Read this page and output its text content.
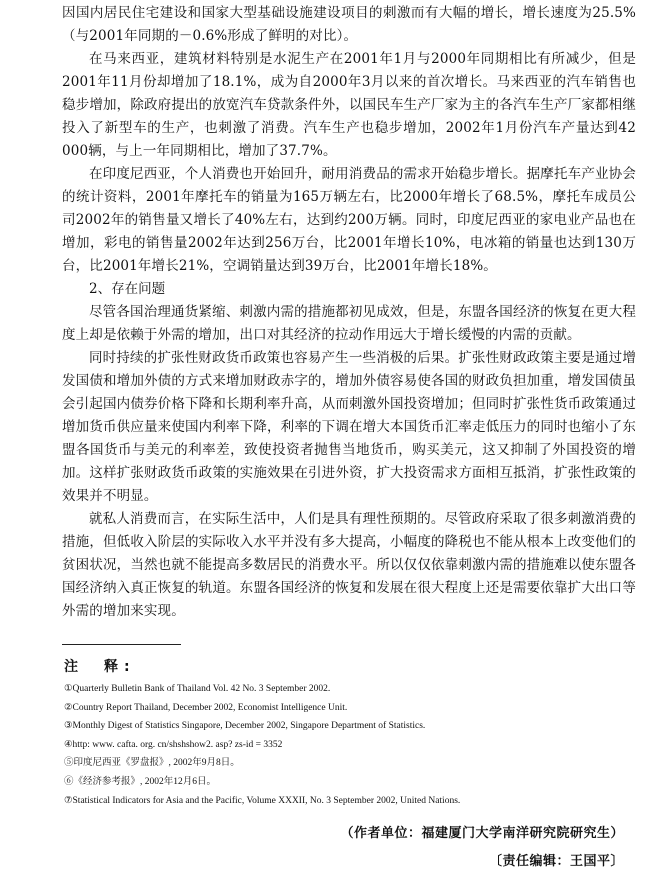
因国内居民住宅建设和国家大型基础设施建设项目的刺激而有大幅的增长，增长速度为25.5%（与2001年同期的－0.6%形成了鲜明的对比）。

在马来西亚，建筑材料特别是水泥生产在2001年1月与2000年同期相比有所减少，但是2001年11月份却增加了18.1%，成为自2000年3月以来的首次增长。马来西亚的汽车销售也稳步增加，除政府提出的放宽汽车贷款条件外，以国民车生产厂家为主的各汽车生产厂家都相继投入了新型车的生产，也刺激了消费。汽车生产也稳步增加，2002年1月份汽车产量达到42 000辆，与上一年同期相比，增加了37.7%。

在印度尼西亚，个人消费也开始回升，耐用消费品的需求开始稳步增长。据摩托车产业协会的统计资料，2001年摩托车的销量为165万辆左右，比2000年增长了68.5%，摩托车成员公司2002年的销售量又增长了40%左右，达到约200万辆。同时，印度尼西亚的家电业产品也在增加，彩电的销售量2002年达到256万台，比2001年增长10%，电冰箱的销量也达到130万台，比2001年增长21%，空调销量达到39万台，比2001年增长18%。

2、存在问题

尽管各国治理通货紧缩、刺激内需的措施都初见成效，但是，东盟各国经济的恢复在更大程度上却是依赖于外需的增加，出口对其经济的拉动作用远大于增长缓慢的内需的贡献。

同时持续的扩张性财政货币政策也容易产生一些消极的后果。扩张性财政政策主要是通过增发国债和增加外债的方式来增加财政赤字的，增加外债容易使各国的财政负担加重，增发国债虽会引起国内债券价格下降和长期利率升高，从而刺激外国投资增加；但同时扩张性货币政策通过增加货币供应量来使国内利率下降，利率的下调在增大本国货币汇率走低压力的同时也缩小了东盟各国货币与美元的利率差，致使投资者抛售当地货币，购买美元，这又抑制了外国投资的增加。这样扩张财政货币政策的实施效果在引进外资，扩大投资需求方面相互抵消，扩张性政策的效果并不明显。

就私人消费而言，在实际生活中，人们是具有理性预期的。尽管政府采取了很多刺激消费的措施，但低收入阶层的实际收入水平并没有多大提高，小幅度的降税也不能从根本上改变他们的贫困状况，当然也就不能提高多数居民的消费水平。所以仅仅依靠刺激内需的措施难以使东盟各国经济纳入真正恢复的轨道。东盟各国经济的恢复和发展在很大程度上还是需要依靠扩大出口等外需的增加来实现。

注　释:

①Quarterly Bulletin Bank of Thailand Vol. 42 No. 3 September 2002.
②Country Report Thailand, December 2002, Economist Intelligence Unit.
③Monthly Digest of Statistics Singapore, December 2002, Singapore Department of Statistics.
④http: www. cafta. org. cn/shshshow2. asp? zs-id = 3352
⑤印度尼西亚《罗盘报》, 2002年9月8日。
⑥《经济参考报》, 2002年12月6日。
⑦Statistical Indicators for Asia and the Pacific, Volume XXXII, No. 3 September 2002, United Nations.

（作者单位：福建厦门大学南洋研究院研究生）

〔责任编辑：王国平〕
